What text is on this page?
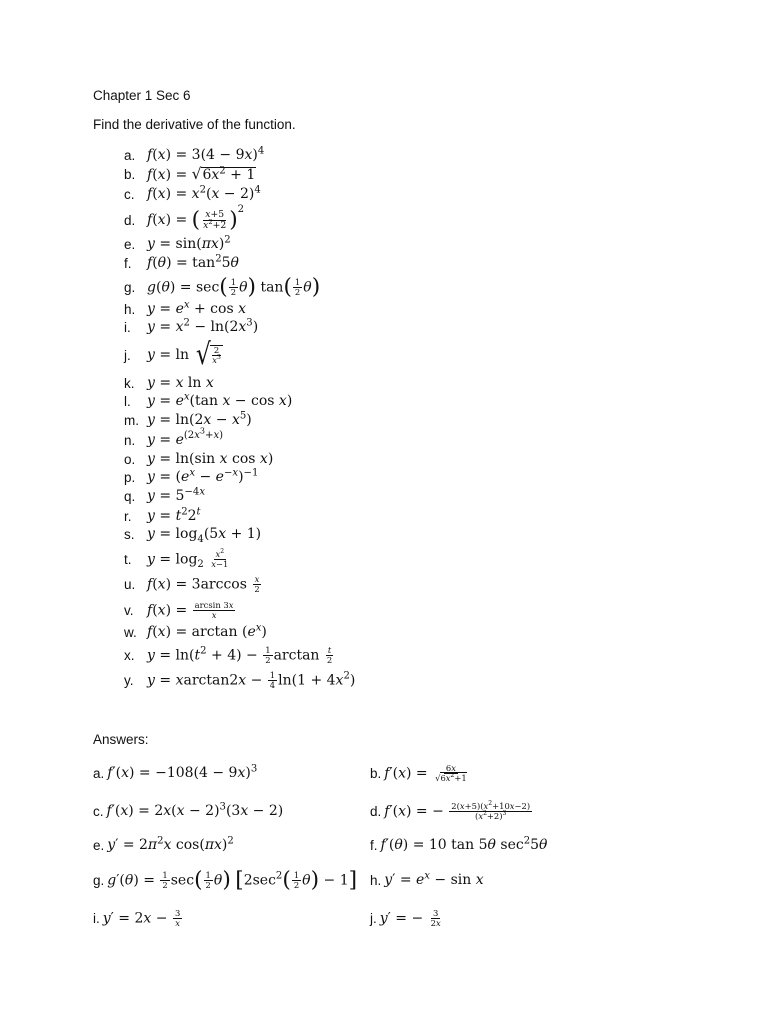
Chapter 1 Sec 6
Find the derivative of the function.
a. $f(x) = 3(4 - 9x)^4$
b. $f(x) = √6x^2 + 1$
c. $f(x) = x^2(x - 2)^4$
d. f(x) = ( $\frac{x+5}{x^2+2} )^2$
e. $y = \sin(\pi x)^2$
f.	$f(\theta) = \tan^25\theta$
g. $g(\theta) = \sec( \frac{1}{2} \theta)$ $\tan( \frac{1}{2} \theta)$
h. $y = e^x + \cos x$
i.	$y = x^2 - \ln(2x^3)$
j.	y = ln √ $\frac{2}{x^3}$
k. y = x ln x
l.	$y = e^x(\tan$ x − cos x)
m. $y = \ln(2x - x^5)$
n. $y = e^{(2x^3+x)}$
o. y = ln(sin x cos x)
p. $y = (e^x - e^{-x})^{-1}$
q. $y = 5^{-4x}$
r.	$y = t^22^t$
s. $y = \log_4(5x + 1)$
t.	$y = \log_2 \frac{x^2}{x-1}$
u. $f(x) = 3\arccos \frac{x}{2}$
v. $f(x) = \frac{\arcsin 3x}{x}$
w. $f(x) = \arctan (e^x)$
x. $y = \ln(t^2 + 4) - \frac{1}{2}$ $\arctan \frac{t}{2}$
y. $y = xarctan2x - \frac{1}{4} \ln(1 + 4x^2)$
Answers:
a. $f'(x) = -108(4 - 9x)^3$	b. $f'(x) = \frac{6x}{√6x^2+1}$
c. $f'(x) = 2x(x - 2)^3(3x - 2)$	d. f′(x) = − $\frac{2(x+5)(x^2+10x-2)}{(x^2+2)^3}$
e. $y' = 2\pi^2x$ $\cos(\pi x)^2$	f. f′(θ) = 10 tan 5θ $\sec^25\theta$
g. $g'(\theta) = \frac{1}{2} \sec( \frac{1}{2} \theta)$ $[2\sec^2( \frac{1}{2} \theta) - 1]$ h. $y' = e^x - \sin x$
i. $y' = 2x - \frac{3}{x}$	j. y′ = − $\frac{3}{2x}$
